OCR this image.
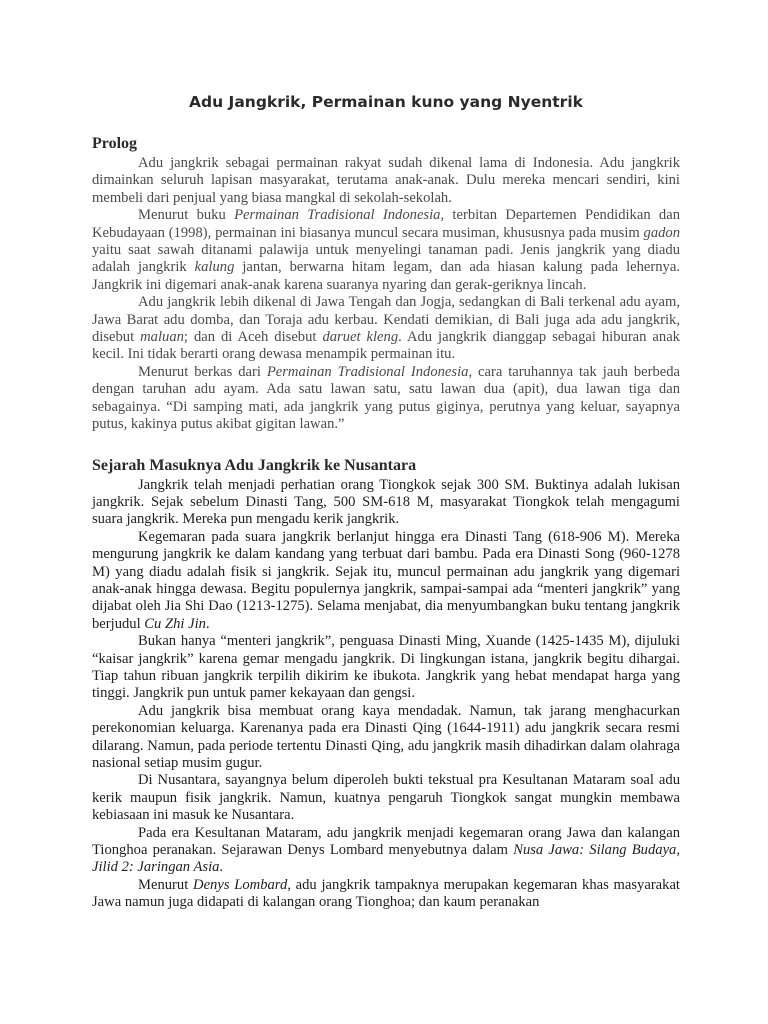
Adu Jangkrik, Permainan kuno yang Nyentrik
Prolog

Adu jangkrik sebagai permainan rakyat sudah dikenal lama di Indonesia. Adu jangkrik dimainkan seluruh lapisan masyarakat, terutama anak-anak. Dulu mereka mencari sendiri, kini membeli dari penjual yang biasa mangkal di sekolah-sekolah.

Menurut buku Permainan Tradisional Indonesia, terbitan Departemen Pendidikan dan Kebudayaan (1998), permainan ini biasanya muncul secara musiman, khususnya pada musim gadon yaitu saat sawah ditanami palawija untuk menyelingi tanaman padi. Jenis jangkrik yang diadu adalah jangkrik kalung jantan, berwarna hitam legam, dan ada hiasan kalung pada lehernya. Jangkrik ini digemari anak-anak karena suaranya nyaring dan gerak-geriknya lincah.

Adu jangkrik lebih dikenal di Jawa Tengah dan Jogja, sedangkan di Bali terkenal adu ayam, Jawa Barat adu domba, dan Toraja adu kerbau. Kendati demikian, di Bali juga ada adu jangkrik, disebut maluan; dan di Aceh disebut daruet kleng. Adu jangkrik dianggap sebagai hiburan anak kecil. Ini tidak berarti orang dewasa menampik permainan itu.

Menurut berkas dari Permainan Tradisional Indonesia, cara taruhannya tak jauh berbeda dengan taruhan adu ayam. Ada satu lawan satu, satu lawan dua (apit), dua lawan tiga dan sebagainya. “Di samping mati, ada jangkrik yang putus giginya, perutnya yang keluar, sayapnya putus, kakinya putus akibat gigitan lawan.”

Sejarah Masuknya Adu Jangkrik ke Nusantara

Jangkrik telah menjadi perhatian orang Tiongkok sejak 300 SM. Buktinya adalah lukisan jangkrik. Sejak sebelum Dinasti Tang, 500 SM-618 M, masyarakat Tiongkok telah mengagumi suara jangkrik. Mereka pun mengadu kerik jangkrik.

Kegemaran pada suara jangkrik berlanjut hingga era Dinasti Tang (618-906 M). Mereka mengurung jangkrik ke dalam kandang yang terbuat dari bambu. Pada era Dinasti Song (960-1278 M) yang diadu adalah fisik si jangkrik. Sejak itu, muncul permainan adu jangkrik yang digemari anak-anak hingga dewasa. Begitu populernya jangkrik, sampai-sampai ada “menteri jangkrik” yang dijabat oleh Jia Shi Dao (1213-1275). Selama menjabat, dia menyumbangkan buku tentang jangkrik berjudul Cu Zhi Jin.

Bukan hanya “menteri jangkrik”, penguasa Dinasti Ming, Xuande (1425-1435 M), dijuluki “kaisar jangkrik” karena gemar mengadu jangkrik. Di lingkungan istana, jangkrik begitu dihargai. Tiap tahun ribuan jangkrik terpilih dikirim ke ibukota. Jangkrik yang hebat mendapat harga yang tinggi. Jangkrik pun untuk pamer kekayaan dan gengsi.

Adu jangkrik bisa membuat orang kaya mendadak. Namun, tak jarang menghacurkan perekonomian keluarga. Karenanya pada era Dinasti Qing (1644-1911) adu jangkrik secara resmi dilarang. Namun, pada periode tertentu Dinasti Qing, adu jangkrik masih dihadirkan dalam olahraga nasional setiap musim gugur.

Di Nusantara, sayangnya belum diperoleh bukti tekstual pra Kesultanan Mataram soal adu kerik maupun fisik jangkrik. Namun, kuatnya pengaruh Tiongkok sangat mungkin membawa kebiasaan ini masuk ke Nusantara.

Pada era Kesultanan Mataram, adu jangkrik menjadi kegemaran orang Jawa dan kalangan Tionghoa peranakan. Sejarawan Denys Lombard menyebutnya dalam Nusa Jawa: Silang Budaya, Jilid 2: Jaringan Asia.

Menurut Denys Lombard, adu jangkrik tampaknya merupakan kegemaran khas masyarakat Jawa namun juga didapati di kalangan orang Tionghoa; dan kaum peranakan
